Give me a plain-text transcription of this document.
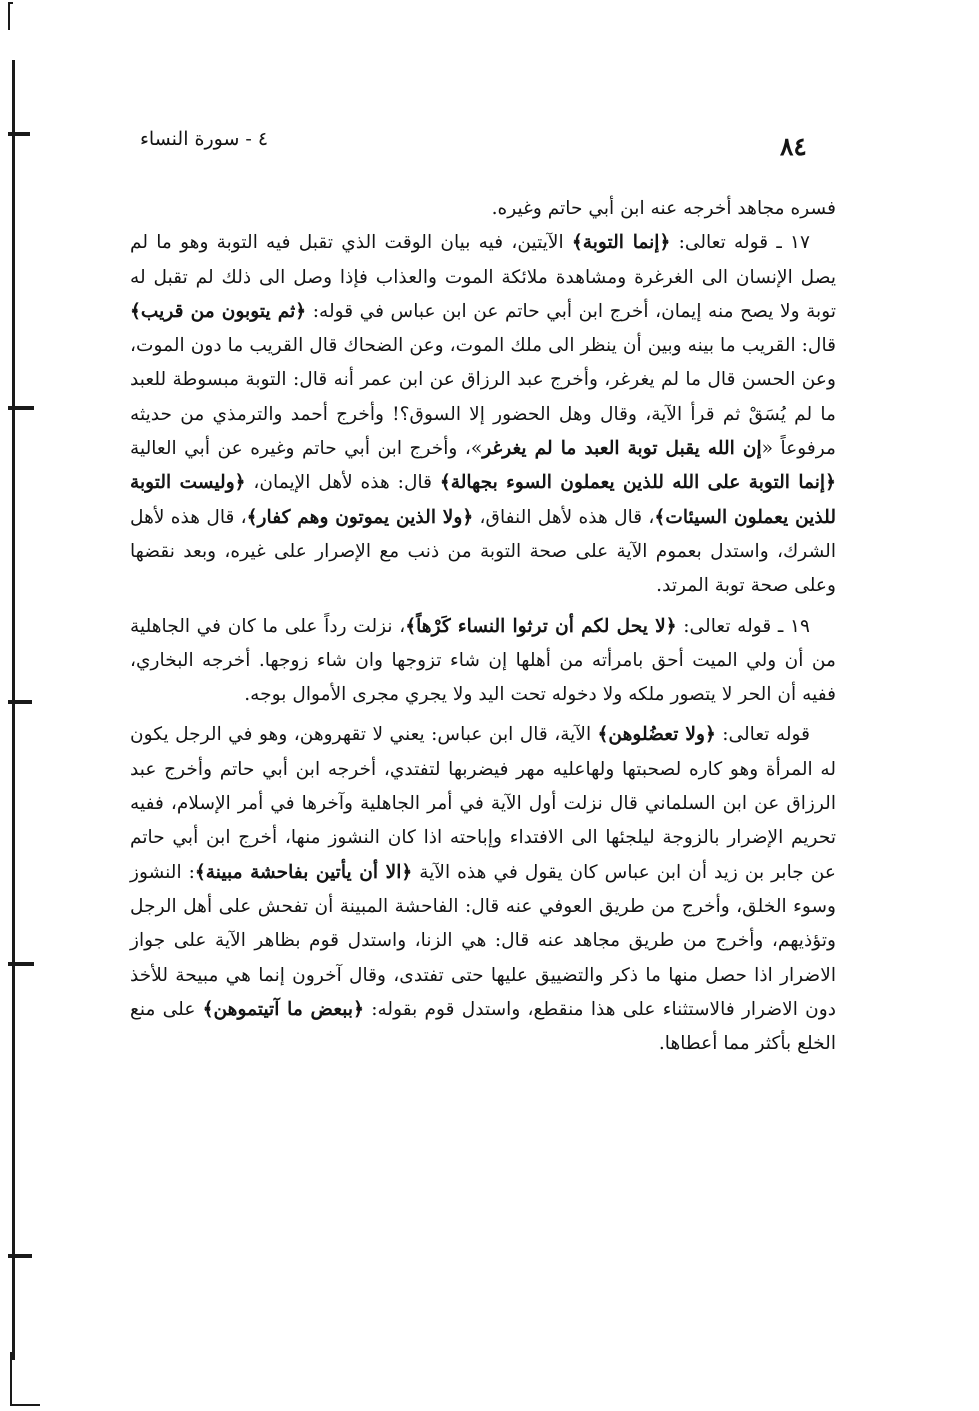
٨٤
٤ - سورة النساء

فسره مجاهد أخرجه عنه ابن أبي حاتم وغيره.

١٧ ـ قوله تعالى: ﴿إنما التوبة﴾ الآيتين، فيه بيان الوقت الذي تقبل فيه التوبة وهو ما لم يصل الإنسان الى الغرغرة ومشاهدة ملائكة الموت والعذاب فإذا وصل الى ذلك لم تقبل له توبة ولا يصح منه إيمان، أخرج ابن أبي حاتم عن ابن عباس في قوله: ﴿ثم يتوبون من قريب﴾ قال: القريب ما بينه وبين أن ينظر الى ملك الموت، وعن الضحاك قال القريب ما دون الموت، وعن الحسن قال ما لم يغرغر، وأخرج عبد الرزاق عن ابن عمر أنه قال: التوبة مبسوطة للعبد ما لم يُسَقْ ثم قرأ الآية، وقال وهل الحضور إلا السوق؟! وأخرج أحمد والترمذي من حديثه مرفوعاً «إن الله يقبل توبة العبد ما لم يغرغر»، وأخرج ابن أبي حاتم وغيره عن أبي العالية ﴿إنما التوبة على الله للذين يعملون السوء بجهالة﴾ قال: هذه لأهل الإيمان، ﴿وليست التوبة للذين يعملون السيئات﴾، قال هذه لأهل النفاق، ﴿ولا الذين يموتون وهم كفار﴾، قال هذه لأهل الشرك، واستدل بعموم الآية على صحة التوبة من ذنب مع الإصرار على غيره، وبعد نقضها وعلى صحة توبة المرتد.

١٩ ـ قوله تعالى: ﴿لا يحل لكم أن ترثوا النساء كَرْهاً﴾، نزلت رداً على ما كان في الجاهلية من أن ولي الميت أحق بامرأته من أهلها إن شاء تزوجها وان شاء زوجها. أخرجه البخاري، ففيه أن الحر لا يتصور ملكه ولا دخوله تحت اليد ولا يجري مجرى الأموال بوجه.

قوله تعالى: ﴿ولا تعضُلوهن﴾ الآية، قال ابن عباس: يعني لا تقهروهن، وهو في الرجل يكون له المرأة وهو كاره لصحبتها ولهاعليه مهر فيضربها لتفتدي، أخرجه ابن أبي حاتم وأخرج عبد الرزاق عن ابن السلماني قال نزلت أول الآية في أمر الجاهلية وآخرها في أمر الإسلام، ففيه تحريم الإضرار بالزوجة ليلجئها الى الافتداء وإباحته اذا كان النشوز منها، أخرج ابن أبي حاتم عن جابر بن زيد أن ابن عباس كان يقول في هذه الآية ﴿الا أن يأتين بفاحشة مبينة﴾: النشوز وسوء الخلق، وأخرج من طريق العوفي عنه قال: الفاحشة المبينة أن تفحش على أهل الرجل وتؤذيهم، وأخرج من طريق مجاهد عنه قال: هي الزنا، واستدل قوم بظاهر الآية على جواز الاضرار اذا حصل منها ما ذكر والتضييق عليها حتى تفتدى، وقال آخرون إنما هي مبيحة للأخذ دون الاضرار فالاستثناء على هذا منقطع، واستدل قوم بقوله: ﴿ببعض ما آتيتموهن﴾ على منع الخلع بأكثر مما أعطاها.
